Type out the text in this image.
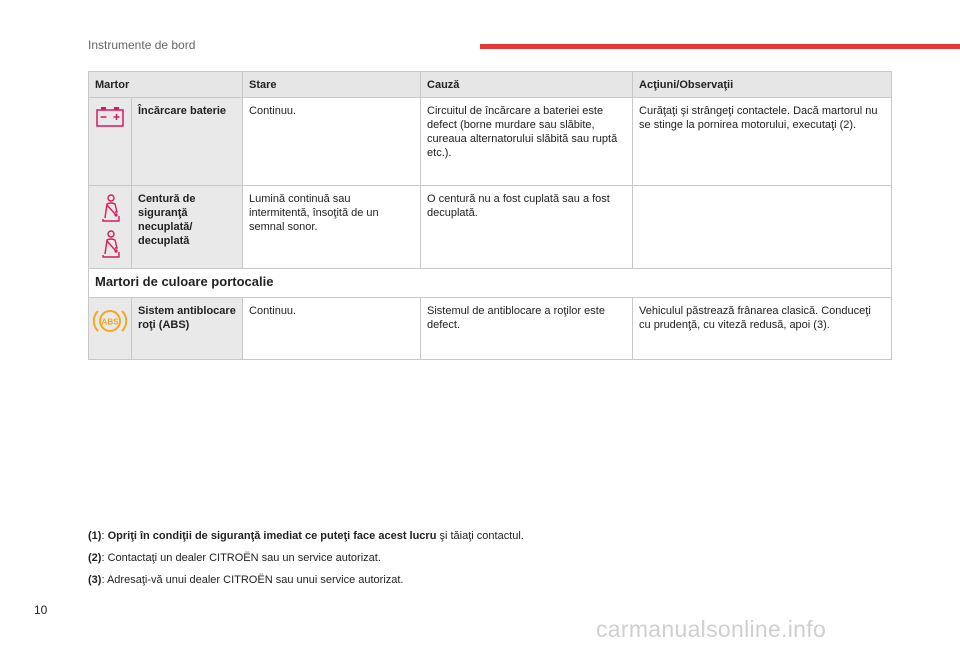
Instrumente de bord
Martor		Stare	Cauză	Acţiuni/Observaţii

	Încărcare baterie	Continuu.	Circuitul de încărcare a bateriei este defect (borne murdare sau slăbite, cureaua alternatorului slăbită sau ruptă etc.).	Curăţaţi şi strângeţi contactele. Dacă martorul nu se stinge la pornirea motorului, executaţi (2).

	Centură de siguranţă necuplată/ decuplată	Lumină continuă sau intermitentă, însoţită de un semnal sonor.	O centură nu a fost cuplată sau a fost decuplată.	
Martori de culoare portocalie				

ABS	Sistem antiblocare roţi (ABS)	Continuu.	Sistemul de antiblocare a roţilor este defect.	Vehiculul păstrează frânarea clasică. Conduceţi cu prudenţă, cu viteză redusă, apoi (3).

(1): Opriţi în condiţii de siguranţă imediat ce puteţi face acest lucru şi tăiaţi contactul.

(2): Contactaţi un dealer CITROËN sau un service autorizat.

(3): Adresaţi-vă unui dealer CITROËN sau unui service autorizat.

10
carmanualsonline.info
